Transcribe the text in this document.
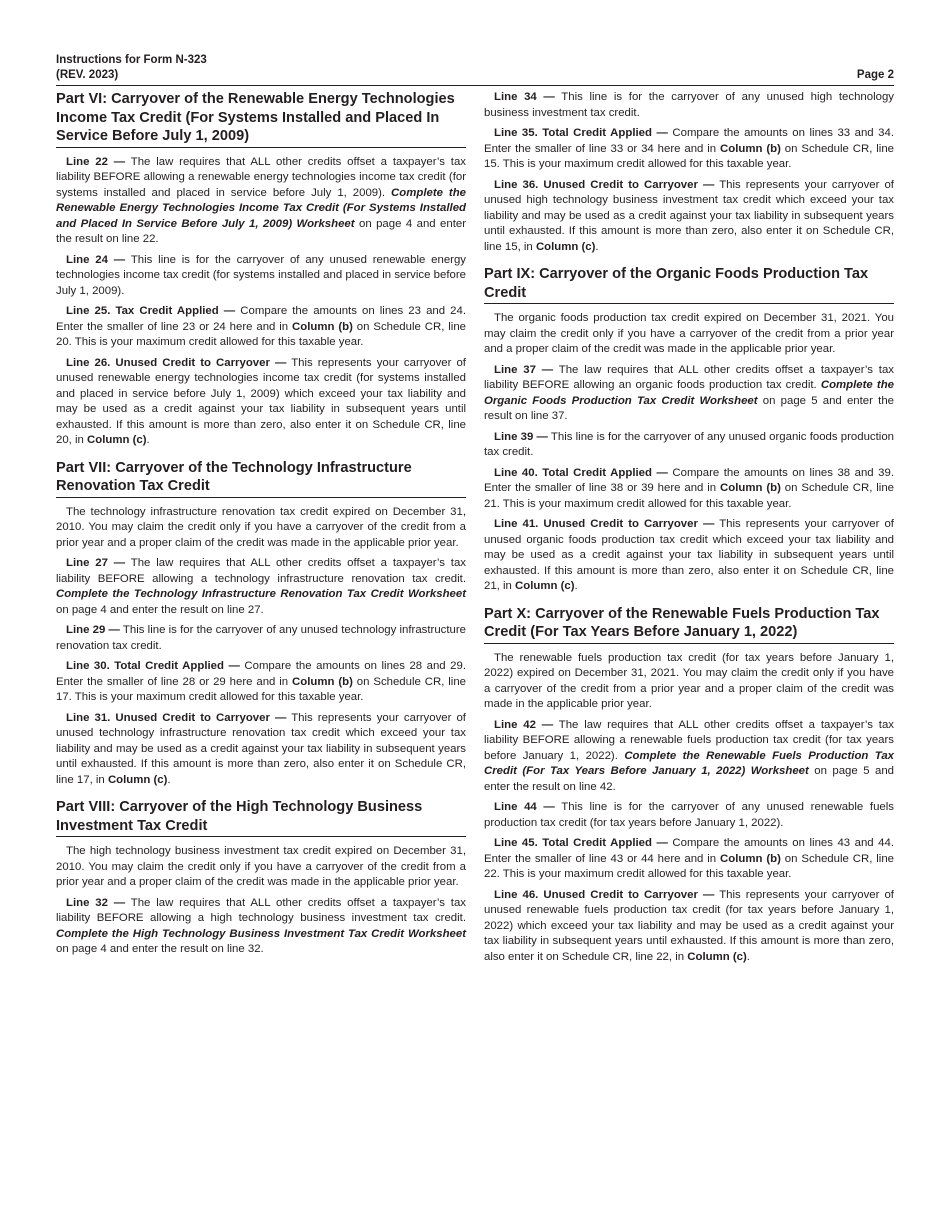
Instructions for Form N-323
(REV. 2023)	Page 2
Part VI: Carryover of the Renewable Energy Technologies Income Tax Credit (For Systems Installed and Placed In Service Before July 1, 2009)

Line 22 — The law requires that ALL other credits offset a taxpayer’s tax liability BEFORE allowing a renewable energy technologies income tax credit (for systems installed and placed in service before July 1, 2009). Complete the Renewable Energy Technologies Income Tax Credit (For Systems Installed and Placed In Service Before July 1, 2009) Worksheet on page 4 and enter the result on line 22.

Line 24 — This line is for the carryover of any unused renewable energy technologies income tax credit (for systems installed and placed in service before July 1, 2009).

Line 25. Tax Credit Applied — Compare the amounts on lines 23 and 24. Enter the smaller of line 23 or 24 here and in Column (b) on Schedule CR, line 20. This is your maximum credit allowed for this taxable year.

Line 26. Unused Credit to Carryover — This represents your carryover of unused renewable energy technologies income tax credit (for systems installed and placed in service before July 1, 2009) which exceed your tax liability and may be used as a credit against your tax liability in subsequent years until exhausted. If this amount is more than zero, also enter it on Schedule CR, line 20, in Column (c).

Part VII: Carryover of the Technology Infrastructure Renovation Tax Credit

The technology infrastructure renovation tax credit expired on December 31, 2010. You may claim the credit only if you have a carryover of the credit from a prior year and a proper claim of the credit was made in the applicable prior year.

Line 27 — The law requires that ALL other credits offset a taxpayer’s tax liability BEFORE allowing a technology infrastructure renovation tax credit. Complete the Technology Infrastructure Renovation Tax Credit Worksheet on page 4 and enter the result on line 27.

Line 29 — This line is for the carryover of any unused technology infrastructure renovation tax credit.

Line 30. Total Credit Applied — Compare the amounts on lines 28 and 29. Enter the smaller of line 28 or 29 here and in Column (b) on Schedule CR, line 17. This is your maximum credit allowed for this taxable year.

Line 31. Unused Credit to Carryover — This represents your carryover of unused technology infrastructure renovation tax credit which exceed your tax liability and may be used as a credit against your tax liability in subsequent years until exhausted. If this amount is more than zero, also enter it on Schedule CR, line 17, in Column (c).

Part VIII: Carryover of the High Technology Business Investment Tax Credit

The high technology business investment tax credit expired on December 31, 2010. You may claim the credit only if you have a carryover of the credit from a prior year and a proper claim of the credit was made in the applicable prior year.

Line 32 — The law requires that ALL other credits offset a taxpayer’s tax liability BEFORE allowing a high technology business investment tax credit. Complete the High Technology Business Investment Tax Credit Worksheet on page 4 and enter the result on line 32.

Line 34 — This line is for the carryover of any unused high technology business investment tax credit.

Line 35. Total Credit Applied — Compare the amounts on lines 33 and 34. Enter the smaller of line 33 or 34 here and in Column (b) on Schedule CR, line 15. This is your maximum credit allowed for this taxable year.

Line 36. Unused Credit to Carryover — This represents your carryover of unused high technology business investment tax credit which exceed your tax liability and may be used as a credit against your tax liability in subsequent years until exhausted. If this amount is more than zero, also enter it on Schedule CR, line 15, in Column (c).

Part IX: Carryover of the Organic Foods Production Tax Credit

The organic foods production tax credit expired on December 31, 2021. You may claim the credit only if you have a carryover of the credit from a prior year and a proper claim of the credit was made in the applicable prior year.

Line 37 — The law requires that ALL other credits offset a taxpayer’s tax liability BEFORE allowing an organic foods production tax credit. Complete the Organic Foods Production Tax Credit Worksheet on page 5 and enter the result on line 37.

Line 39 — This line is for the carryover of any unused organic foods production tax credit.

Line 40. Total Credit Applied — Compare the amounts on lines 38 and 39. Enter the smaller of line 38 or 39 here and in Column (b) on Schedule CR, line 21. This is your maximum credit allowed for this taxable year.

Line 41. Unused Credit to Carryover — This represents your carryover of unused organic foods production tax credit which exceed your tax liability and may be used as a credit against your tax liability in subsequent years until exhausted. If this amount is more than zero, also enter it on Schedule CR, line 21, in Column (c).

Part X: Carryover of the Renewable Fuels Production Tax Credit (For Tax Years Before January 1, 2022)

The renewable fuels production tax credit (for tax years before January 1, 2022) expired on December 31, 2021. You may claim the credit only if you have a carryover of the credit from a prior year and a proper claim of the credit was made in the applicable prior year.

Line 42 — The law requires that ALL other credits offset a taxpayer’s tax liability BEFORE allowing a renewable fuels production tax credit (for tax years before January 1, 2022). Complete the Renewable Fuels Production Tax Credit (For Tax Years Before January 1, 2022) Worksheet on page 5 and enter the result on line 42.

Line 44 — This line is for the carryover of any unused renewable fuels production tax credit (for tax years before January 1, 2022).

Line 45. Total Credit Applied — Compare the amounts on lines 43 and 44. Enter the smaller of line 43 or 44 here and in Column (b) on Schedule CR, line 22. This is your maximum credit allowed for this taxable year.

Line 46. Unused Credit to Carryover — This represents your carryover of unused renewable fuels production tax credit (for tax years before January 1, 2022) which exceed your tax liability and may be used as a credit against your tax liability in subsequent years until exhausted. If this amount is more than zero, also enter it on Schedule CR, line 22, in Column (c).
